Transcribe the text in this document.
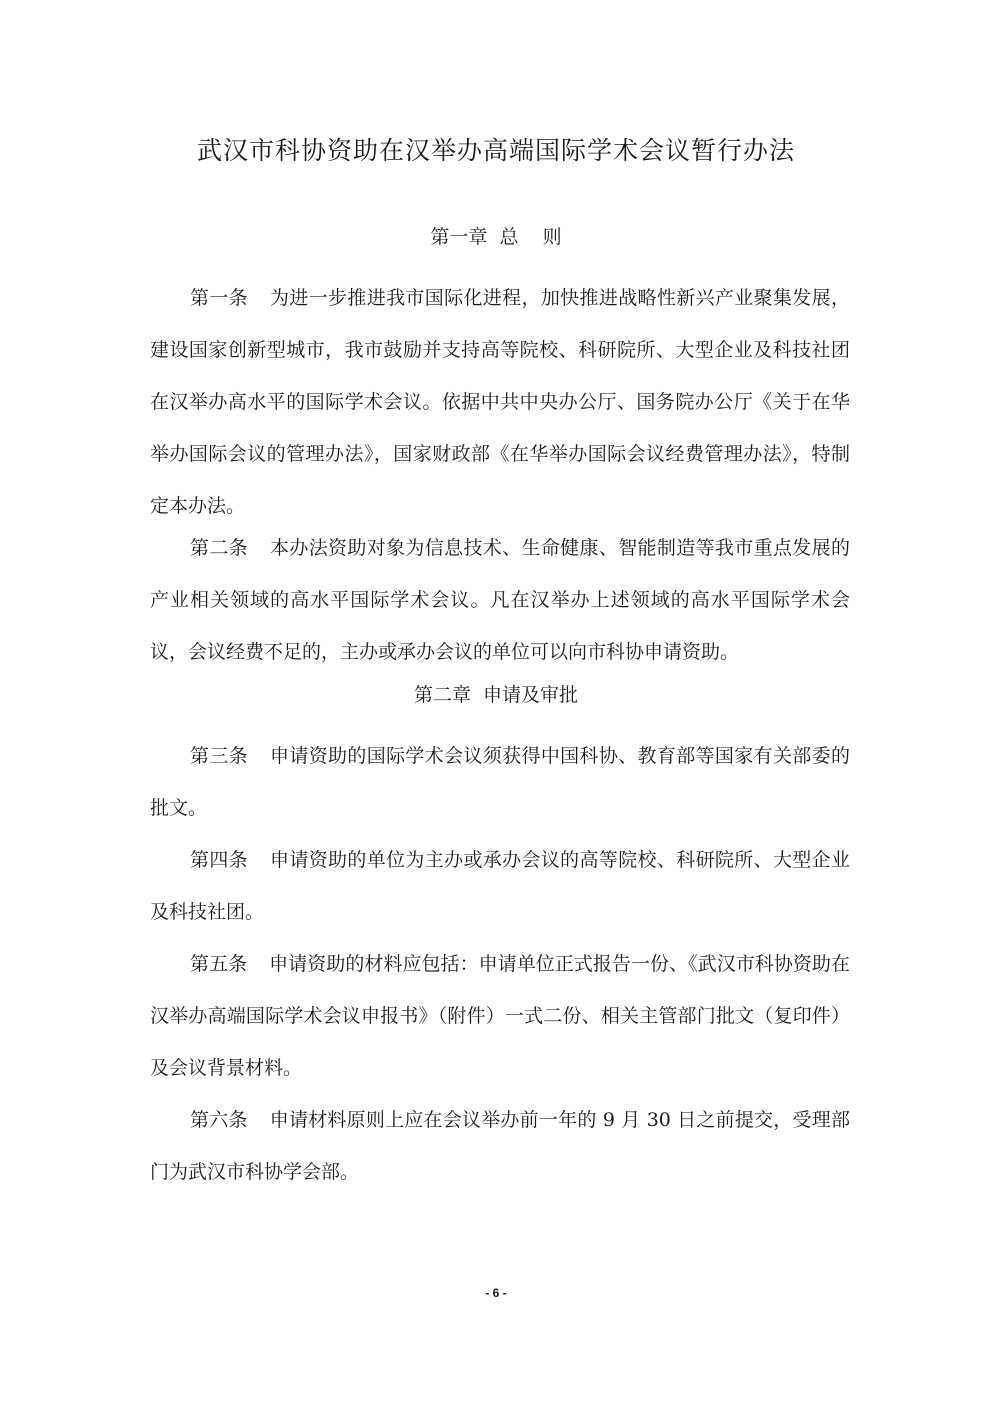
武汉市科协资助在汉举办高端国际学术会议暂行办法
第一章  总    则

第一条 为进一步推进我市国际化进程，加快推进战略性新兴产业聚集发展，建设国家创新型城市，我市鼓励并支持高等院校、科研院所、大型企业及科技社团在汉举办高水平的国际学术会议。依据中共中央办公厅、国务院办公厅《关于在华举办国际会议的管理办法》，国家财政部《在华举办国际会议经费管理办法》，特制定本办法。

第二条 本办法资助对象为信息技术、生命健康、智能制造等我市重点发展的产业相关领域的高水平国际学术会议。凡在汉举办上述领域的高水平国际学术会议，会议经费不足的，主办或承办会议的单位可以向市科协申请资助。

第二章  申请及审批

第三条 申请资助的国际学术会议须获得中国科协、教育部等国家有关部委的批文。

第四条 申请资助的单位为主办或承办会议的高等院校、科研院所、大型企业及科技社团。

第五条 申请资助的材料应包括：申请单位正式报告一份、《武汉市科协资助在汉举办高端国际学术会议申报书》（附件）一式二份、相关主管部门批文（复印件）及会议背景材料。

第六条 申请材料原则上应在会议举办前一年的 9 月 30 日之前提交，受理部门为武汉市科协学会部。

- 6 -
